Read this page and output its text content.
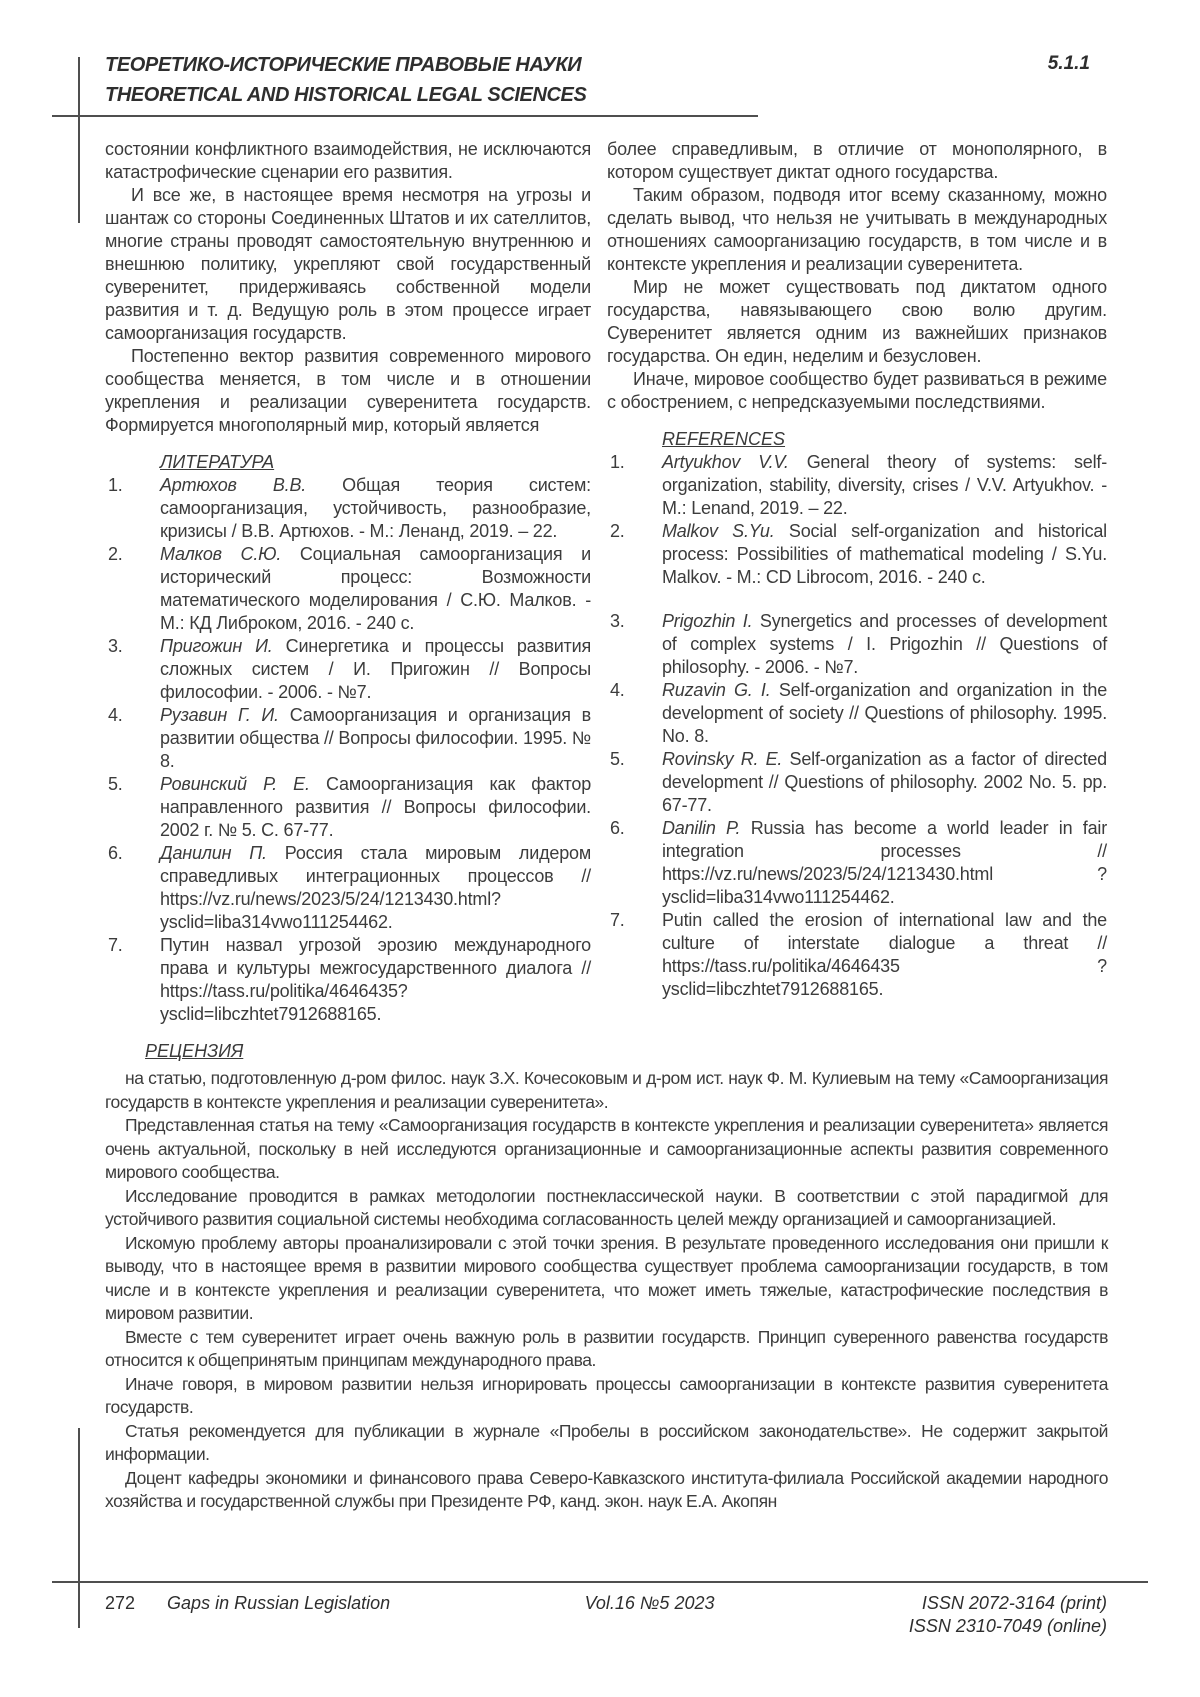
ТЕОРЕТИКО-ИСТОРИЧЕСКИЕ ПРАВОВЫЕ НАУКИ
THEORETICAL AND HISTORICAL LEGAL SCIENCES
5.1.1

состоянии конфликтного взаимодействия, не исключаются катастрофические сценарии его развития.

И все же, в настоящее время несмотря на угрозы и шантаж со стороны Соединенных Штатов и их сателлитов, многие страны проводят самостоятельную внутреннюю и внешнюю политику, укрепляют свой государственный суверенитет, придерживаясь собственной модели развития и т. д. Ведущую роль в этом процессе играет самоорганизация государств.

Постепенно вектор развития современного мирового сообщества меняется, в том числе и в отношении укрепления и реализации суверенитета государств. Формируется многополярный мир, который является

ЛИТЕРАТУРА
1. Артюхов В.В. Общая теория систем: самоорганизация, устойчивость, разнообразие, кризисы / В.В. Артюхов. - М.: Ленанд, 2019. – 22.
2. Малков С.Ю. Социальная самоорганизация и исторический процесс: Возможности математического моделирования / С.Ю. Малков. - М.: КД Либроком, 2016. - 240 с.
3. Пригожин И. Синергетика и процессы развития сложных систем / И. Пригожин // Вопросы философии. - 2006. - №7.
4. Рузавин Г. И. Самоорганизация и организация в развитии общества // Вопросы философии. 1995. № 8.
5. Ровинский Р. Е. Самоорганизация как фактор направленного развития // Вопросы философии. 2002 г. № 5. С. 67-77.
6. Данилин П. Россия стала мировым лидером справедливых интеграционных процессов // https://vz.ru/news/2023/5/24/1213430.html?ysclid=liba314vwo111254462.
7. Путин назвал угрозой эрозию международного права и культуры межгосударственного диалога // https://tass.ru/politika/4646435?ysclid=libczhtet7912688165.

более справедливым, в отличие от монополярного, в котором существует диктат одного государства.

Таким образом, подводя итог всему сказанному, можно сделать вывод, что нельзя не учитывать в международных отношениях самоорганизацию государств, в том числе и в контексте укрепления и реализации суверенитета.

Мир не может существовать под диктатом одного государства, навязывающего свою волю другим. Суверенитет является одним из важнейших признаков государства. Он един, неделим и безусловен.

Иначе, мировое сообщество будет развиваться в режиме с обострением, с непредсказуемыми последствиями.

REFERENCES
1. Artyukhov V.V. General theory of systems: self-organization, stability, diversity, crises / V.V. Artyukhov. - M.: Lenand, 2019. – 22.
2. Malkov S.Yu. Social self-organization and historical process: Possibilities of mathematical modeling / S.Yu. Malkov. - M.: CD Librocom, 2016. - 240 c.
3. Prigozhin I. Synergetics and processes of development of complex systems / I. Prigozhin // Questions of philosophy. - 2006. - №7.
4. Ruzavin G. I. Self-organization and organization in the development of society // Questions of philosophy. 1995. No. 8.
5. Rovinsky R. E. Self-organization as a factor of directed development // Questions of philosophy. 2002 No. 5. pp. 67-77.
6. Danilin P. Russia has become a world leader in fair integration processes // https://vz.ru/news/2023/5/24/1213430.html ?ysclid=liba314vwo111254462.
7. Putin called the erosion of international law and the culture of interstate dialogue a threat // https://tass.ru/politika/4646435 ?ysclid=libczhtet7912688165.
РЕЦЕНЗИЯ

на статью, подготовленную д-ром филос. наук З.Х. Кочесоковым и д-ром ист. наук Ф. М. Кулиевым на тему «Самоорганизация государств в контексте укрепления и реализации суверенитета».

Представленная статья на тему «Самоорганизация государств в контексте укрепления и реализации суверенитета» является очень актуальной, поскольку в ней исследуются организационные и самоорганизационные аспекты развития современного мирового сообщества.

Исследование проводится в рамках методологии постнеклассической науки. В соответствии с этой парадигмой для устойчивого развития социальной системы необходима согласованность целей между организацией и самоорганизацией.

Искомую проблему авторы проанализировали с этой точки зрения. В результате проведенного исследования они пришли к выводу, что в настоящее время в развитии мирового сообщества существует проблема самоорганизации государств, в том числе и в контексте укрепления и реализации суверенитета, что может иметь тяжелые, катастрофические последствия в мировом развитии.

Вместе с тем суверенитет играет очень важную роль в развитии государств. Принцип суверенного равенства государств относится к общепринятым принципам международного права.

Иначе говоря, в мировом развитии нельзя игнорировать процессы самоорганизации в контексте развития суверенитета государств.

Статья рекомендуется для публикации в журнале «Пробелы в российском законодательстве». Не содержит закрытой информации.

Доцент кафедры экономики и финансового права Северо-Кавказского института-филиала Российской академии народного хозяйства и государственной службы при Президенте РФ, канд. экон. наук Е.А. Акопян

272 Gaps in Russian Legislation	Vol.16 №5 2023	ISSN 2072-3164 (print)
ISSN 2310-7049 (online)
